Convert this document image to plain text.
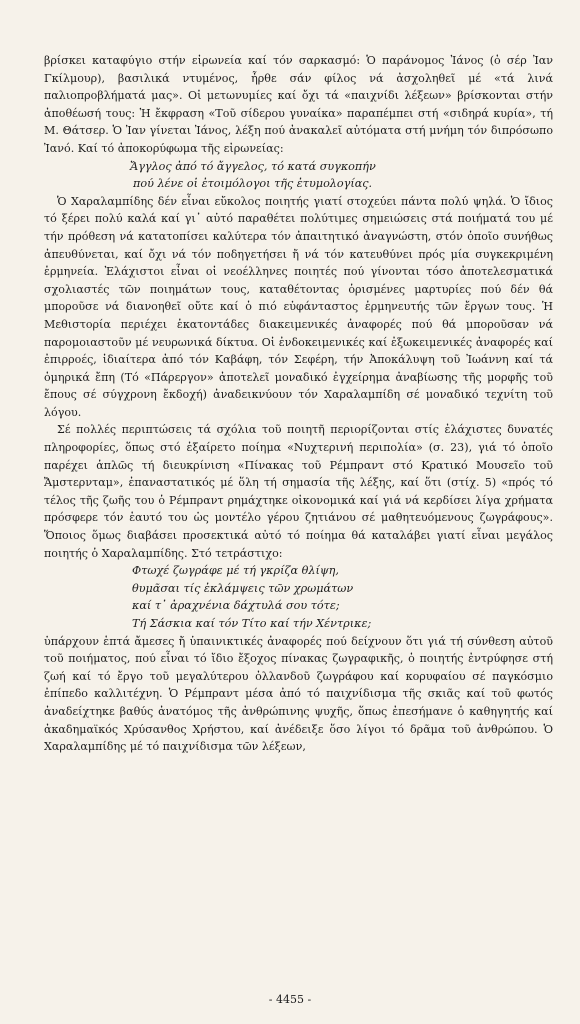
βρίσκει καταφύγιο στήν εἰρωνεία καί τόν σαρκασμό: Ὁ παράνομος Ἰάνος (ὁ σέρ Ἰαν Γκίλμουρ), βασιλικά ντυμένος, ἦρθε σάν φίλος νά ἀσχοληθεῖ μέ «τά λινά παλιοπροβλήματά μας». Οἱ μετωνυμίες καί ὄχι τά «παιχνίδι λέξεων» βρίσκονται στήν ἀποθέωσή τους: Ἡ ἔκφραση «Τοῦ σίδερου γυναίκα» παραπέμπει στή «σιδηρά κυρία», τή Μ. Θάτσερ. Ὁ Ἰαν γίνεται Ἰάνος, λέξη πού ἀνακαλεῖ αὐτόματα στή μνήμη τόν διπρόσωπο Ἰανό. Καί τό ἀποκορύφωμα τῆς εἰρωνείας:

Ἄγγλος ἀπό τό ἄγγελος, τό κατά συγκοπήν
πού λένε οἱ ἐτοιμόλογοι τῆς ἐτυμολογίας.

Ὁ Χαραλαμπίδης δέν εἶναι εὔκολος ποιητής γιατί στοχεύει πάντα πολύ ψηλά. Ὁ ἴδιος τό ξέρει πολύ καλά καί γι᾽ αὐτό παραθέτει πολύτιμες σημειώσεις στά ποιήματά του μέ τήν πρόθεση νά κατατοπίσει καλύτερα τόν ἀπαιτητικό ἀναγνώστη, στόν ὁποῖο συνήθως ἀπευθύνεται, καί ὄχι νά τόν ποδηγετήσει ἤ νά τόν κατευθύνει πρός μία συγκεκριμένη ἑρμηνεία. Ἐλάχιστοι εἶναι οἱ νεοέλληνες ποιητές πού γίνονται τόσο ἀποτελεσματικά σχολιαστές τῶν ποιημάτων τους, καταθέτοντας ὁρισμένες μαρτυρίες πού δέν θά μποροῦσε νά διανοηθεῖ οὔτε καί ὁ πιό εὐφάνταστος ἑρμηνευτής τῶν ἔργων τους. Ἡ Μεθιστορία περιέχει ἑκατοντάδες διακειμενικές ἀναφορές πού θά μποροῦσαν νά παρομοιαστοῦν μέ νευρωνικά δίκτυα. Οἱ ἐνδοκειμενικές καί ἐξωκειμενικές ἀναφορές καί ἐπιρροές, ἰδιαίτερα ἀπό τόν Καβάφη, τόν Σεφέρη, τήν Ἀποκάλυψη τοῦ Ἰωάννη καί τά ὁμηρικά ἔπη (Τό «Πάρεργον» ἀποτελεῖ μοναδικό ἐγχείρημα ἀναβίωσης τῆς μορφῆς τοῦ ἔπους σέ σύγχρονη ἔκδοχή) ἀναδεικνύουν τόν Χαραλαμπίδη σέ μοναδικό τεχνίτη τοῦ λόγου.

Σέ πολλές περιπτώσεις τά σχόλια τοῦ ποιητῆ περιορίζονται στίς ἐλάχιστες δυνατές πληροφορίες, ὅπως στό ἐξαίρετο ποίημα «Νυχτερινή περιπολία» (σ. 23), γιά τό ὁποῖο παρέχει ἁπλῶς τή διευκρίνιση «Πίνακας τοῦ Ρέμπραντ στό Κρατικό Μουσεῖο τοῦ Ἄμστερνταμ», ἐπαναστατικός μέ ὅλη τή σημασία τῆς λέξης, καί ὅτι (στίχ. 5) «πρός τό τέλος τῆς ζωῆς του ὁ Ρέμπραντ ρημάχτηκε οἰκονομικά καί γιά νά κερδίσει λίγα χρήματα πρόσφερε τόν ἑαυτό του ὡς μοντέλο γέρου ζητιάνου σέ μαθητευόμενους ζωγράφους». Ὅποιος ὅμως διαβάσει προσεκτικά αὐτό τό ποίημα θά καταλάβει γιατί εἶναι μεγάλος ποιητής ὁ Χαραλαμπίδης. Στό τετράστιχο:

Φτωχέ ζωγράφε μέ τή γκρίζα θλίψη,
θυμᾶσαι τίς ἐκλάμψεις τῶν χρωμάτων
καί τ᾽ ἀραχνένια δάχτυλά σου τότε;
Τή Σάσκια καί τόν Τίτο καί τήν Χέντρικε;

ὑπάρχουν ἑπτά ἄμεσες ἤ ὑπαινικτικές ἀναφορές πού δείχνουν ὅτι γιά τή σύνθεση αὐτοῦ τοῦ ποιήματος, πού εἶναι τό ἴδιο ἔξοχος πίνακας ζωγραφικῆς, ὁ ποιητής ἐντρύφησε στή ζωή καί τό ἔργο τοῦ μεγαλύτερου ὀλλανδοῦ ζωγράφου καί κορυφαίου σέ παγκόσμιο ἐπίπεδο καλλιτέχνη. Ὁ Ρέμπραντ μέσα ἀπό τό παιχνίδισμα τῆς σκιᾶς καί τοῦ φωτός ἀναδείχτηκε βαθύς ἀνατόμος τῆς ἀνθρώπινης ψυχῆς, ὅπως ἐπεσήμανε ὁ καθηγητής καί ἀκαδημαϊκός Χρύσανθος Χρήστου, καί ἀνέδειξε ὅσο λίγοι τό δρᾶμα τοῦ ἀνθρώπου. Ὁ Χαραλαμπίδης μέ τό παιχνίδισμα τῶν λέξεων,

- 4455 -
